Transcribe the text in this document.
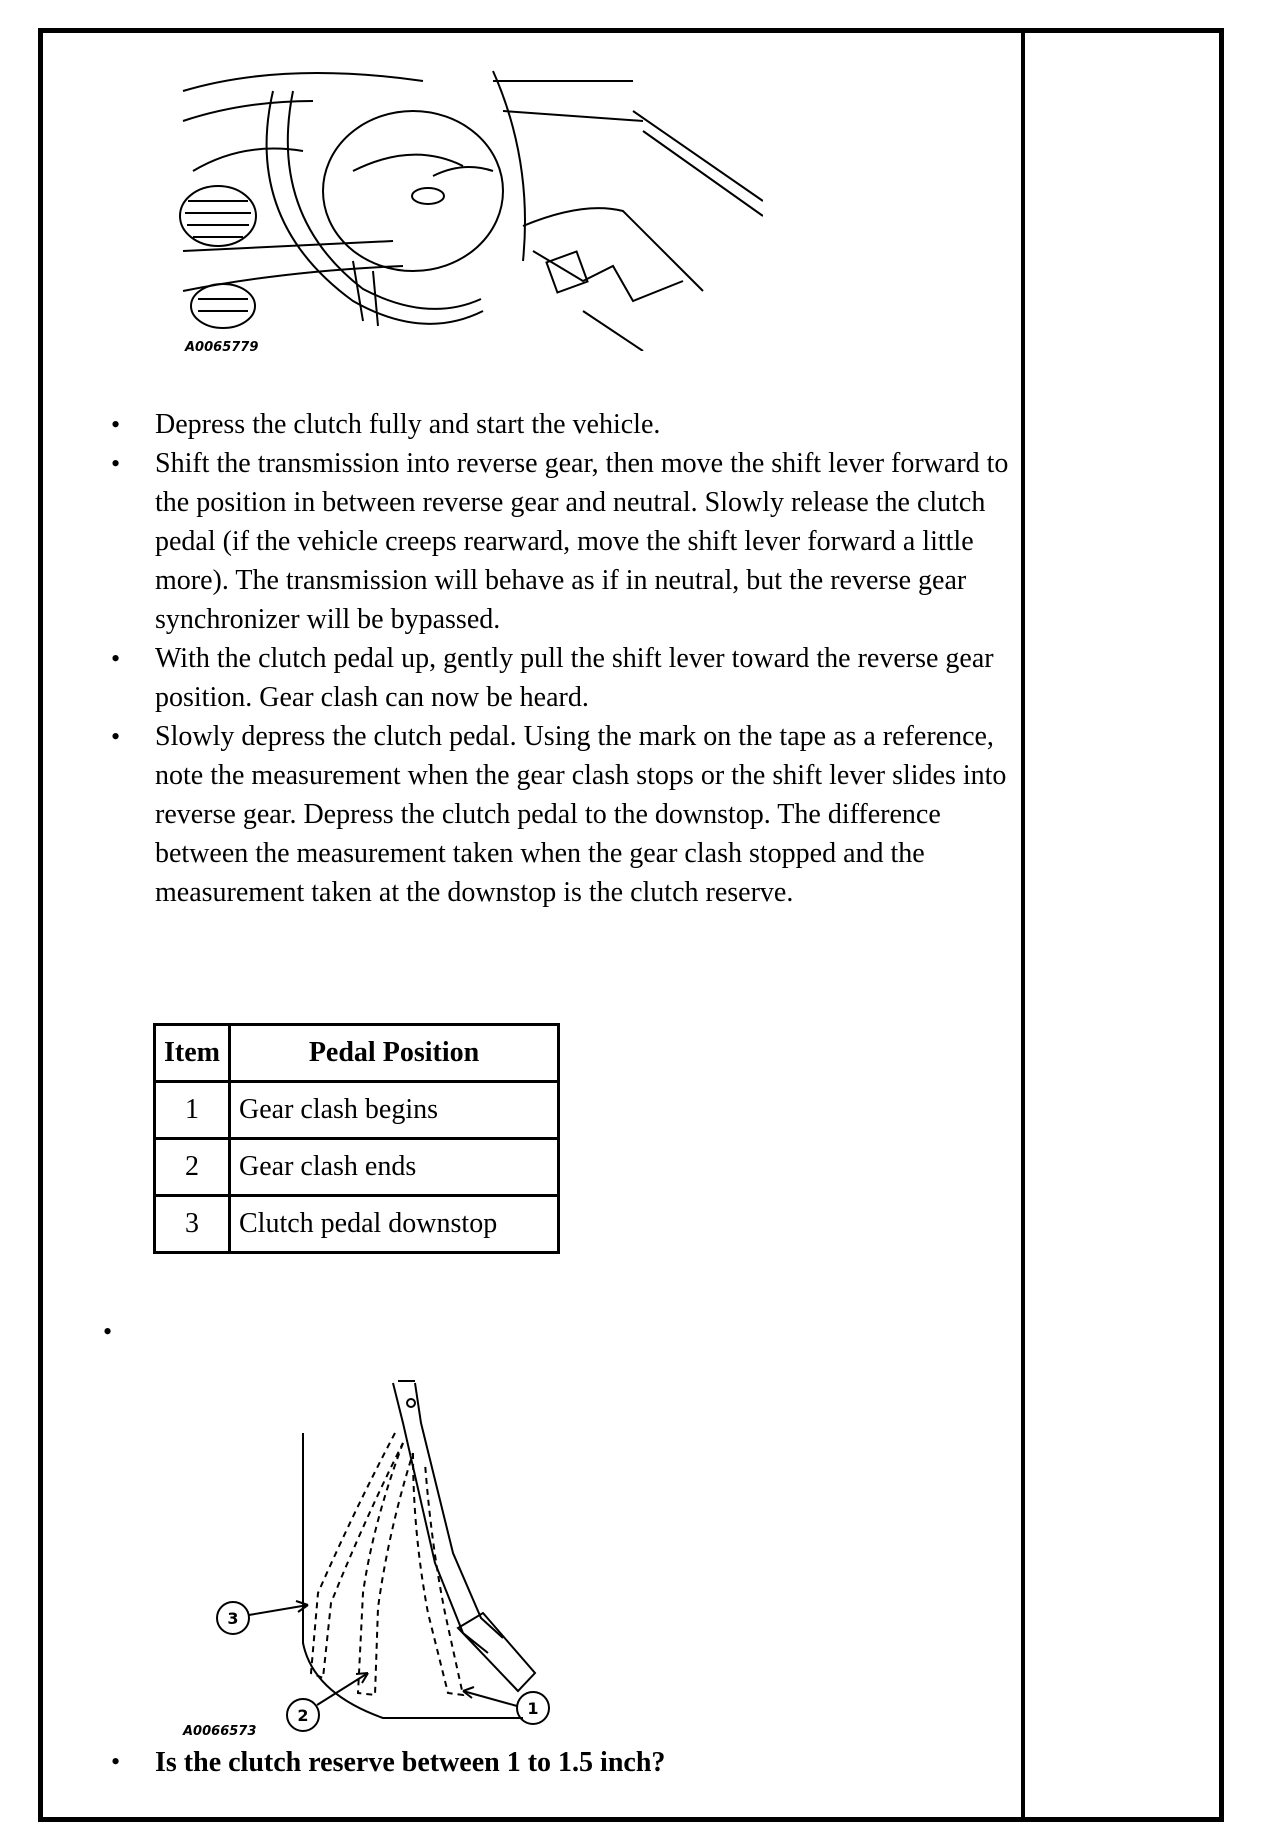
A0065779
• Depress the clutch fully and start the vehicle.
• Shift the transmission into reverse gear, then move the shift lever forward to the position in between reverse gear and neutral. Slowly release the clutch pedal (if the vehicle creeps rearward, move the shift lever forward a little more). The transmission will behave as if in neutral, but the reverse gear synchronizer will be bypassed.
• With the clutch pedal up, gently pull the shift lever toward the reverse gear position. Gear clash can now be heard.
• Slowly depress the clutch pedal. Using the mark on the tape as a reference, note the measurement when the gear clash stops or the shift lever slides into reverse gear. Depress the clutch pedal to the downstop. The difference between the measurement taken when the gear clash stopped and the measurement taken at the downstop is the clutch reserve.
Item	Pedal Position
1	Gear clash begins
2	Gear clash ends
3	Clutch pedal downstop
•
3
2	1
A0066573
• Is the clutch reserve between 1 to 1.5 inch?
